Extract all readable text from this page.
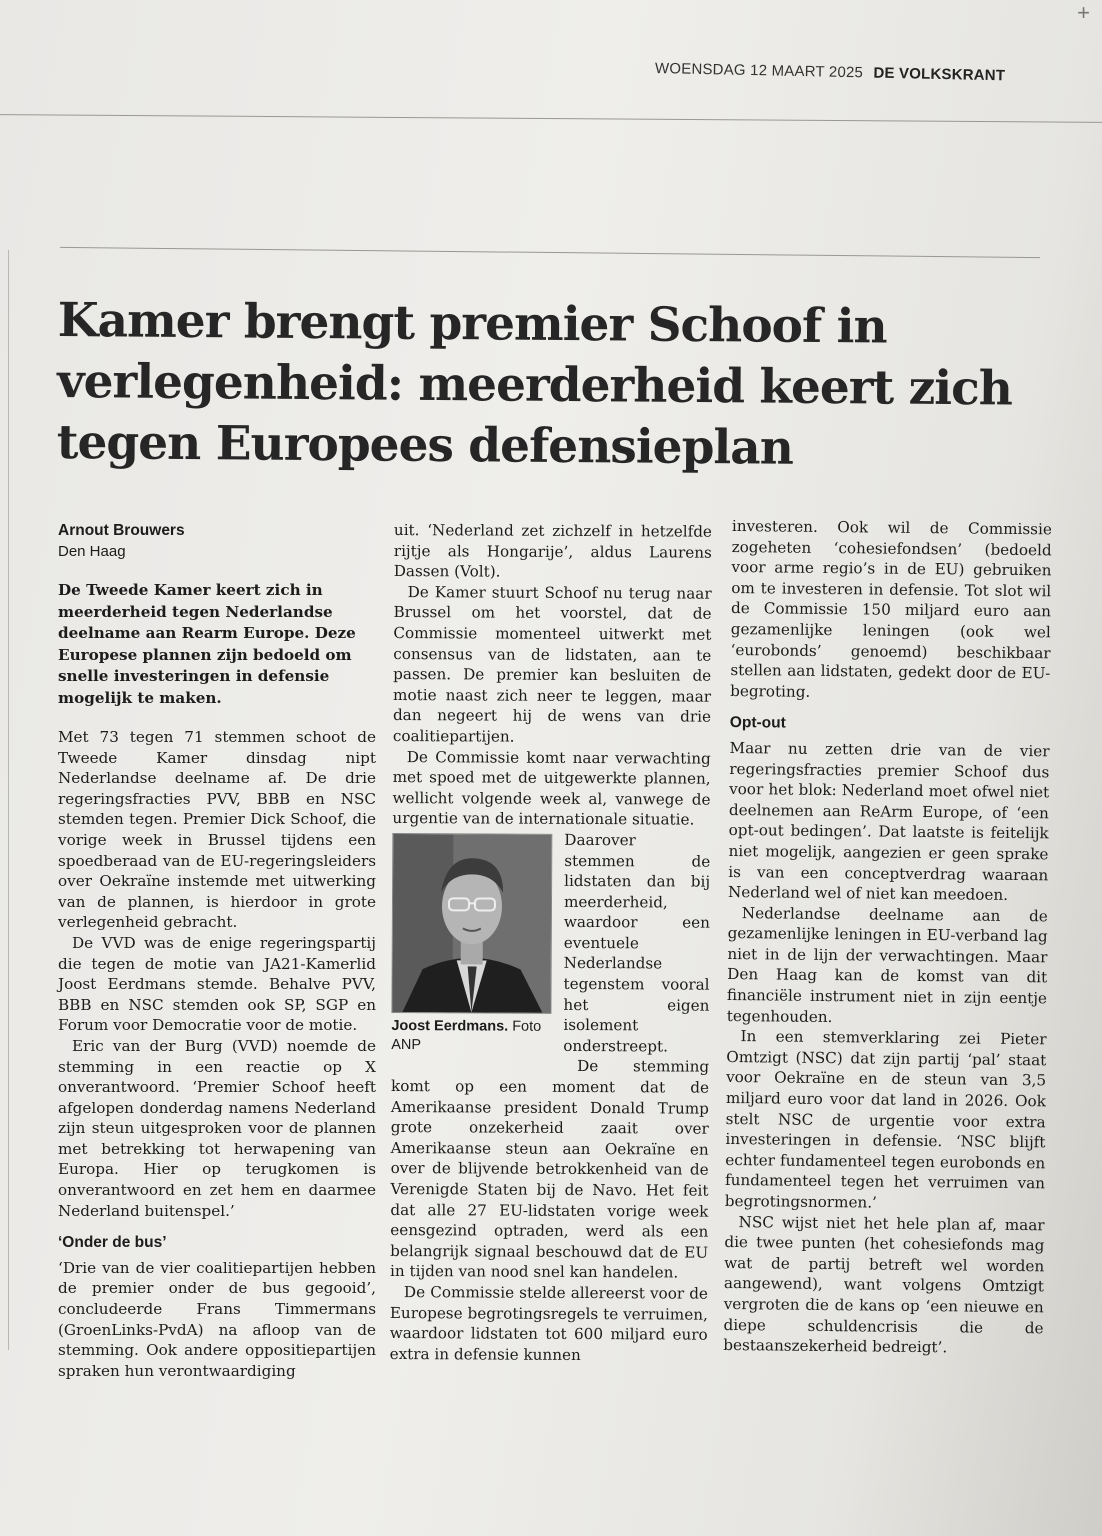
+
WOENSDAG 12 MAART 2025 DE VOLKSKRANT
Kamer brengt premier Schoof in verlegenheid: meerderheid keert zich tegen Europees defensieplan
Arnout Brouwers
Den Haag

De Tweede Kamer keert zich in meerderheid tegen Nederlandse deelname aan Rearm Europe. Deze Europese plannen zijn bedoeld om snelle investeringen in defensie mogelijk te maken.

Met 73 tegen 71 stemmen schoot de Tweede Kamer dinsdag nipt Nederlandse deelname af. De drie regeringsfracties PVV, BBB en NSC stemden tegen. Premier Dick Schoof, die vorige week in Brussel tijdens een spoedberaad van de EU-regeringsleiders over Oekraïne instemde met uitwerking van de plannen, is hierdoor in grote verlegenheid gebracht.

De VVD was de enige regeringspartij die tegen de motie van JA21-Kamerlid Joost Eerdmans stemde. Behalve PVV, BBB en NSC stemden ook SP, SGP en Forum voor Democratie voor de motie.

Eric van der Burg (VVD) noemde de stemming in een reactie op X onverantwoord. ‘Premier Schoof heeft afgelopen donderdag namens Nederland zijn steun uitgesproken voor de plannen met betrekking tot herwapening van Europa. Hier op terugkomen is onverantwoord en zet hem en daarmee Nederland buitenspel.’

‘Onder de bus’

‘Drie van de vier coalitiepartijen hebben de premier onder de bus gegooid’, concludeerde Frans Timmermans (GroenLinks-PvdA) na afloop van de stemming. Ook andere oppositiepartijen spraken hun verontwaardiging

uit. ‘Nederland zet zichzelf in hetzelfde rijtje als Hongarije’, aldus Laurens Dassen (Volt).

De Kamer stuurt Schoof nu terug naar Brussel om het voorstel, dat de Commissie momenteel uitwerkt met consensus van de lidstaten, aan te passen. De premier kan besluiten de motie naast zich neer te leggen, maar dan negeert hij de wens van drie coalitiepartijen.

De Commissie komt naar verwachting met spoed met de uitgewerkte plannen, wellicht volgende week al, vanwege de urgentie van de internationale situatie.

Joost Eerdmans. Foto ANP

Daarover stemmen de lidstaten dan bij meerderheid, waardoor een eventuele Nederlandse tegenstem vooral het eigen isolement onderstreept.

De stemming komt op een moment dat de Amerikaanse president Donald Trump grote onzekerheid zaait over Amerikaanse steun aan Oekraïne en over de blijvende betrokkenheid van de Verenigde Staten bij de Navo. Het feit dat alle 27 EU-lidstaten vorige week eensgezind optraden, werd als een belangrijk signaal beschouwd dat de EU in tijden van nood snel kan handelen.

De Commissie stelde allereerst voor de Europese begrotingsregels te verruimen, waardoor lidstaten tot 600 miljard euro extra in defensie kunnen

investeren. Ook wil de Commissie zogeheten ‘cohesiefondsen’ (bedoeld voor arme regio’s in de EU) gebruiken om te investeren in defensie. Tot slot wil de Commissie 150 miljard euro aan gezamenlijke leningen (ook wel ‘eurobonds’ genoemd) beschikbaar stellen aan lidstaten, gedekt door de EU-begroting.

Opt-out

Maar nu zetten drie van de vier regeringsfracties premier Schoof dus voor het blok: Nederland moet ofwel niet deelnemen aan ReArm Europe, of ‘een opt-out bedingen’. Dat laatste is feitelijk niet mogelijk, aangezien er geen sprake is van een conceptverdrag waaraan Nederland wel of niet kan meedoen.

Nederlandse deelname aan de gezamenlijke leningen in EU-verband lag niet in de lijn der verwachtingen. Maar Den Haag kan de komst van dit financiële instrument niet in zijn eentje tegenhouden.

In een stemverklaring zei Pieter Omtzigt (NSC) dat zijn partij ‘pal’ staat voor Oekraïne en de steun van 3,5 miljard euro voor dat land in 2026. Ook stelt NSC de urgentie voor extra investeringen in defensie. ‘NSC blijft echter fundamenteel tegen eurobonds en fundamenteel tegen het verruimen van begrotingsnormen.’

NSC wijst niet het hele plan af, maar die twee punten (het cohesiefonds mag wat de partij betreft wel worden aangewend), want volgens Omtzigt vergroten die de kans op ‘een nieuwe en diepe schuldencrisis die de bestaanszekerheid bedreigt’.
